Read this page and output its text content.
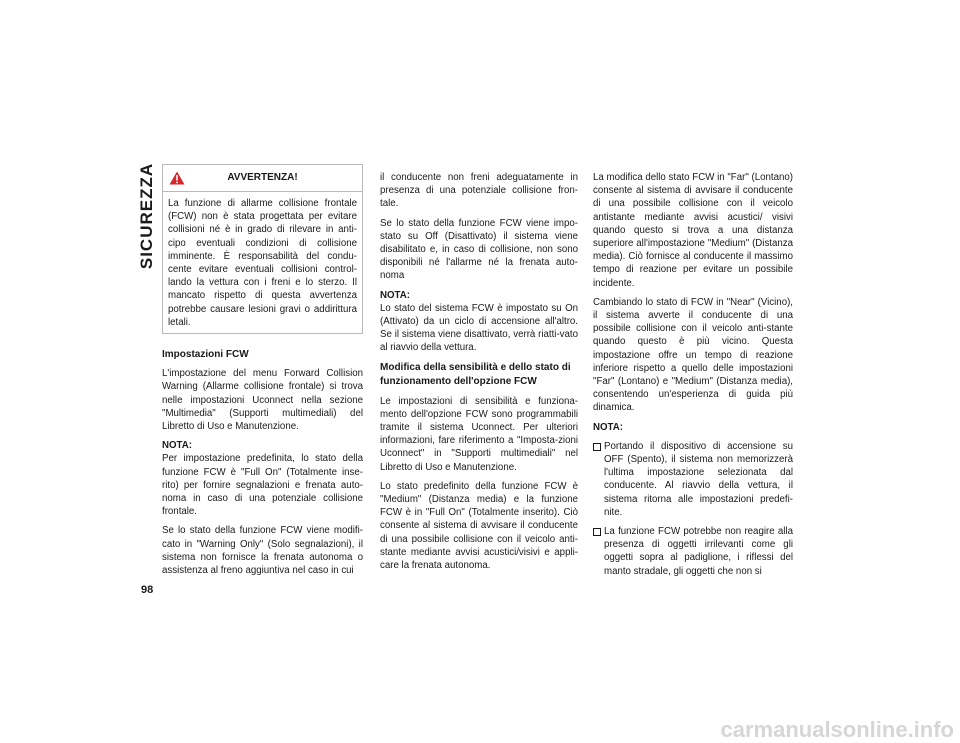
SICUREZZA
98
AVVERTENZA!

La funzione di allarme collisione frontale (FCW) non è stata progettata per evitare collisioni né è in grado di rilevare in anti-cipo eventuali condizioni di collisione imminente. È responsabilità del condu-cente evitare eventuali collisioni control-lando la vettura con i freni e lo sterzo. Il mancato rispetto di questa avvertenza potrebbe causare lesioni gravi o addirittura letali.

Impostazioni FCW

L'impostazione del menu Forward Collision Warning (Allarme collisione frontale) si trova nelle impostazioni Uconnect nella sezione "Multimedia" (Supporti multimediali) del Libretto di Uso e Manutenzione.

NOTA:
Per impostazione predefinita, lo stato della funzione FCW è "Full On" (Totalmente inse-rito) per fornire segnalazioni e frenata auto-noma in caso di una potenziale collisione frontale.

Se lo stato della funzione FCW viene modifi-cato in "Warning Only" (Solo segnalazioni), il sistema non fornisce la frenata autonoma o assistenza al freno aggiuntiva nel caso in cui

il conducente non freni adeguatamente in presenza di una potenziale collisione fron-tale.

Se lo stato della funzione FCW viene impo-stato su Off (Disattivato) il sistema viene disabilitato e, in caso di collisione, non sono disponibili né l'allarme né la frenata auto-noma

NOTA:
Lo stato del sistema FCW è impostato su On (Attivato) da un ciclo di accensione all'altro. Se il sistema viene disattivato, verrà riatti-vato al riavvio della vettura.

Modifica della sensibilità e dello stato di funzionamento dell'opzione FCW

Le impostazioni di sensibilità e funziona-mento dell'opzione FCW sono programmabili tramite il sistema Uconnect. Per ulteriori informazioni, fare riferimento a "Imposta-zioni Uconnect" in "Supporti multimediali" nel Libretto di Uso e Manutenzione.

Lo stato predefinito della funzione FCW è "Medium" (Distanza media) e la funzione FCW è in "Full On" (Totalmente inserito). Ciò consente al sistema di avvisare il conducente di una possibile collisione con il veicolo anti-stante mediante avvisi acustici/visivi e appli-care la frenata autonoma.

La modifica dello stato FCW in "Far" (Lontano) consente al sistema di avvisare il conducente di una possibile collisione con il veicolo antistante mediante avvisi acustici/ visivi quando questo si trova a una distanza superiore all'impostazione "Medium" (Distanza media). Ciò fornisce al conducente il massimo tempo di reazione per evitare un possibile incidente.

Cambiando lo stato di FCW in "Near" (Vicino), il sistema avverte il conducente di una possibile collisione con il veicolo anti-stante quando questo è più vicino. Questa impostazione offre un tempo di reazione inferiore rispetto a quello delle impostazioni "Far" (Lontano) e "Medium" (Distanza media), consentendo un'esperienza di guida più dinamica.

NOTA:

Portando il dispositivo di accensione su OFF (Spento), il sistema non memorizzerà l'ultima impostazione selezionata dal conducente. Al riavvio della vettura, il sistema ritorna alle impostazioni predefi-nite.
La funzione FCW potrebbe non reagire alla presenza di oggetti irrilevanti come gli oggetti sopra al padiglione, i riflessi del manto stradale, gli oggetti che non si
carmanualsonline.info
